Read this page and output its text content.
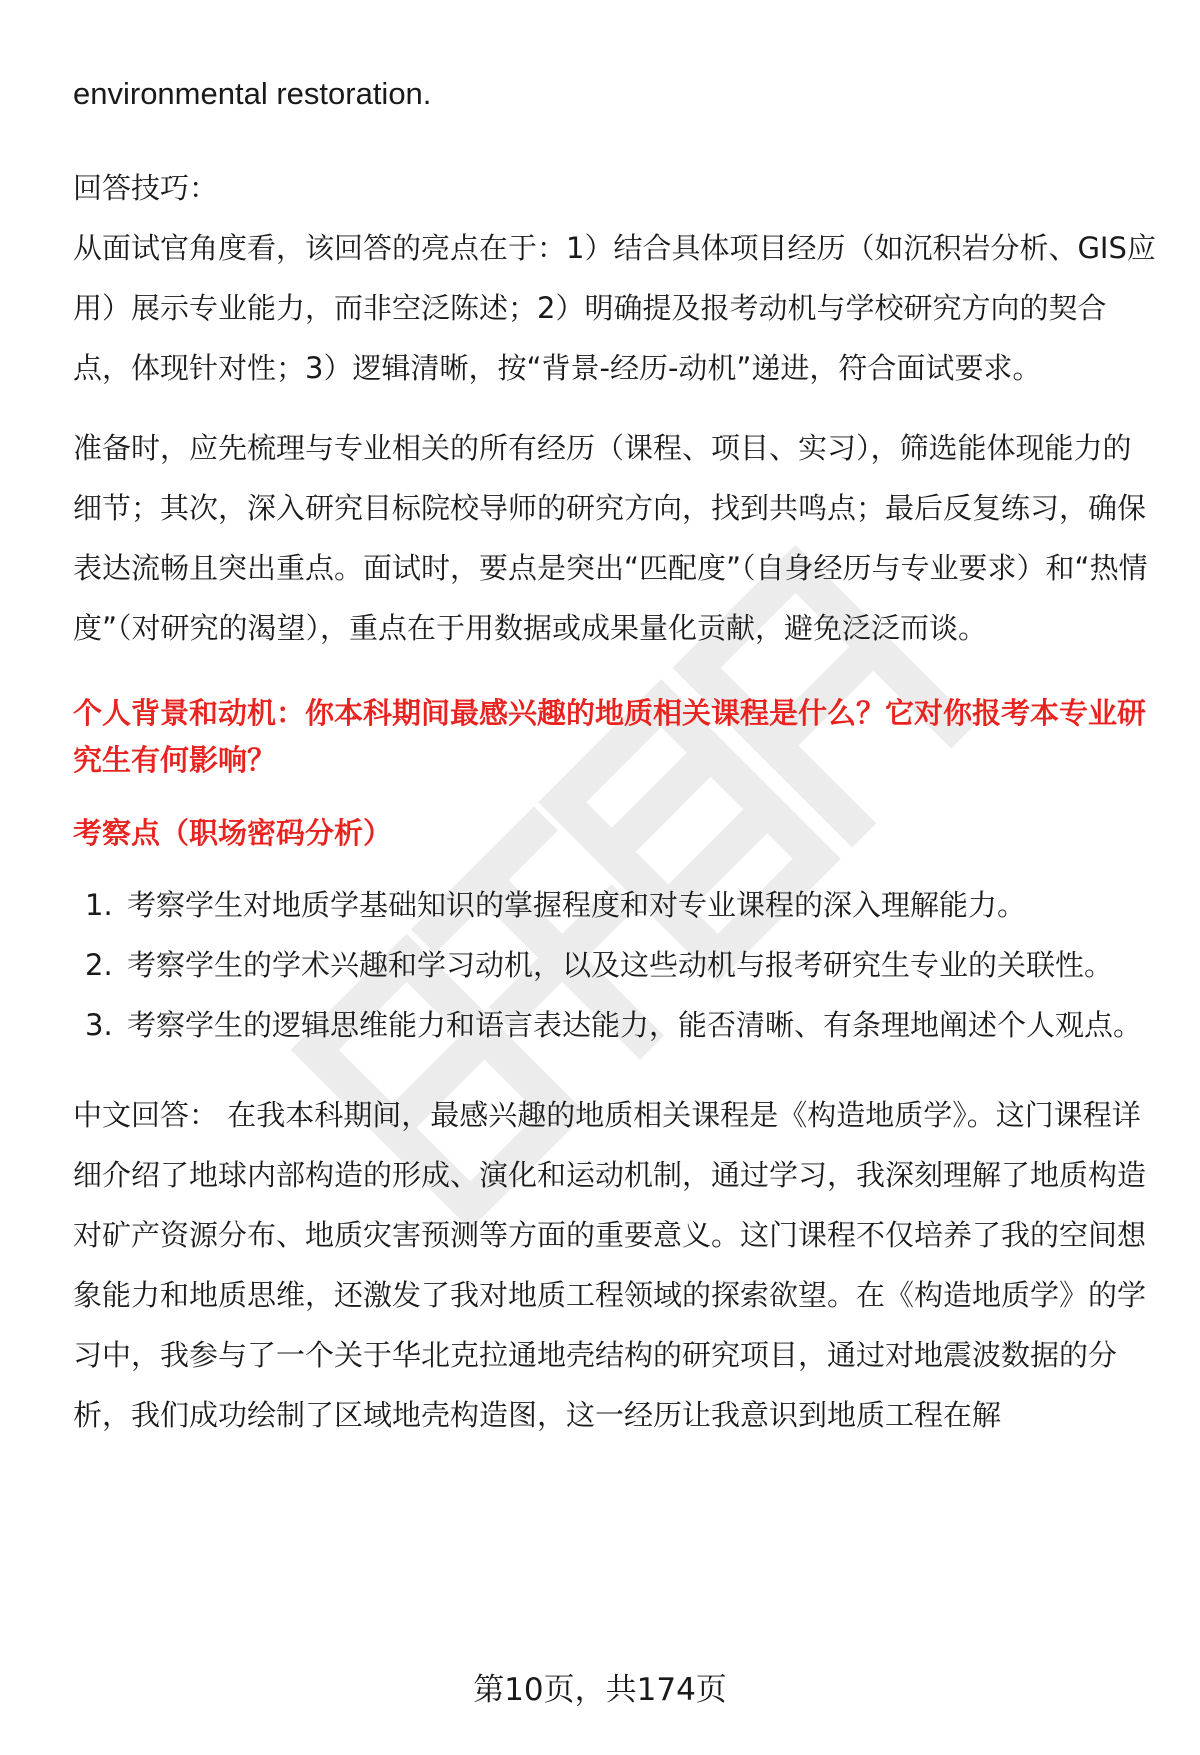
environmental restoration.

回答技巧：

从面试官角度看，该回答的亮点在于：1）结合具体项目经历（如沉积岩分析、GIS应用）展示专业能力，而非空泛陈述；2）明确提及报考动机与学校研究方向的契合点，体现针对性；3）逻辑清晰，按“背景-经历-动机”递进，符合面试要求。

准备时，应先梳理与专业相关的所有经历（课程、项目、实习），筛选能体现能力的细节；其次，深入研究目标院校导师的研究方向，找到共鸣点；最后反复练习，确保表达流畅且突出重点。面试时，要点是突出“匹配度”（自身经历与专业要求）和“热情度”（对研究的渴望），重点在于用数据或成果量化贡献，避免泛泛而谈。

个人背景和动机：你本科期间最感兴趣的地质相关课程是什么？它对你报考本专业研究生有何影响？

考察点（职场密码分析）

1. 考察学生对地质学基础知识的掌握程度和对专业课程的深入理解能力。
2. 考察学生的学术兴趣和学习动机，以及这些动机与报考研究生专业的关联性。
3. 考察学生的逻辑思维能力和语言表达能力，能否清晰、有条理地阐述个人观点。

中文回答： 在我本科期间，最感兴趣的地质相关课程是《构造地质学》。这门课程详细介绍了地球内部构造的形成、演化和运动机制，通过学习，我深刻理解了地质构造对矿产资源分布、地质灾害预测等方面的重要意义。这门课程不仅培养了我的空间想象能力和地质思维，还激发了我对地质工程领域的探索欲望。在《构造地质学》的学习中，我参与了一个关于华北克拉通地壳结构的研究项目，通过对地震波数据的分析，我们成功绘制了区域地壳构造图，这一经历让我意识到地质工程在解

第10页，共174页
